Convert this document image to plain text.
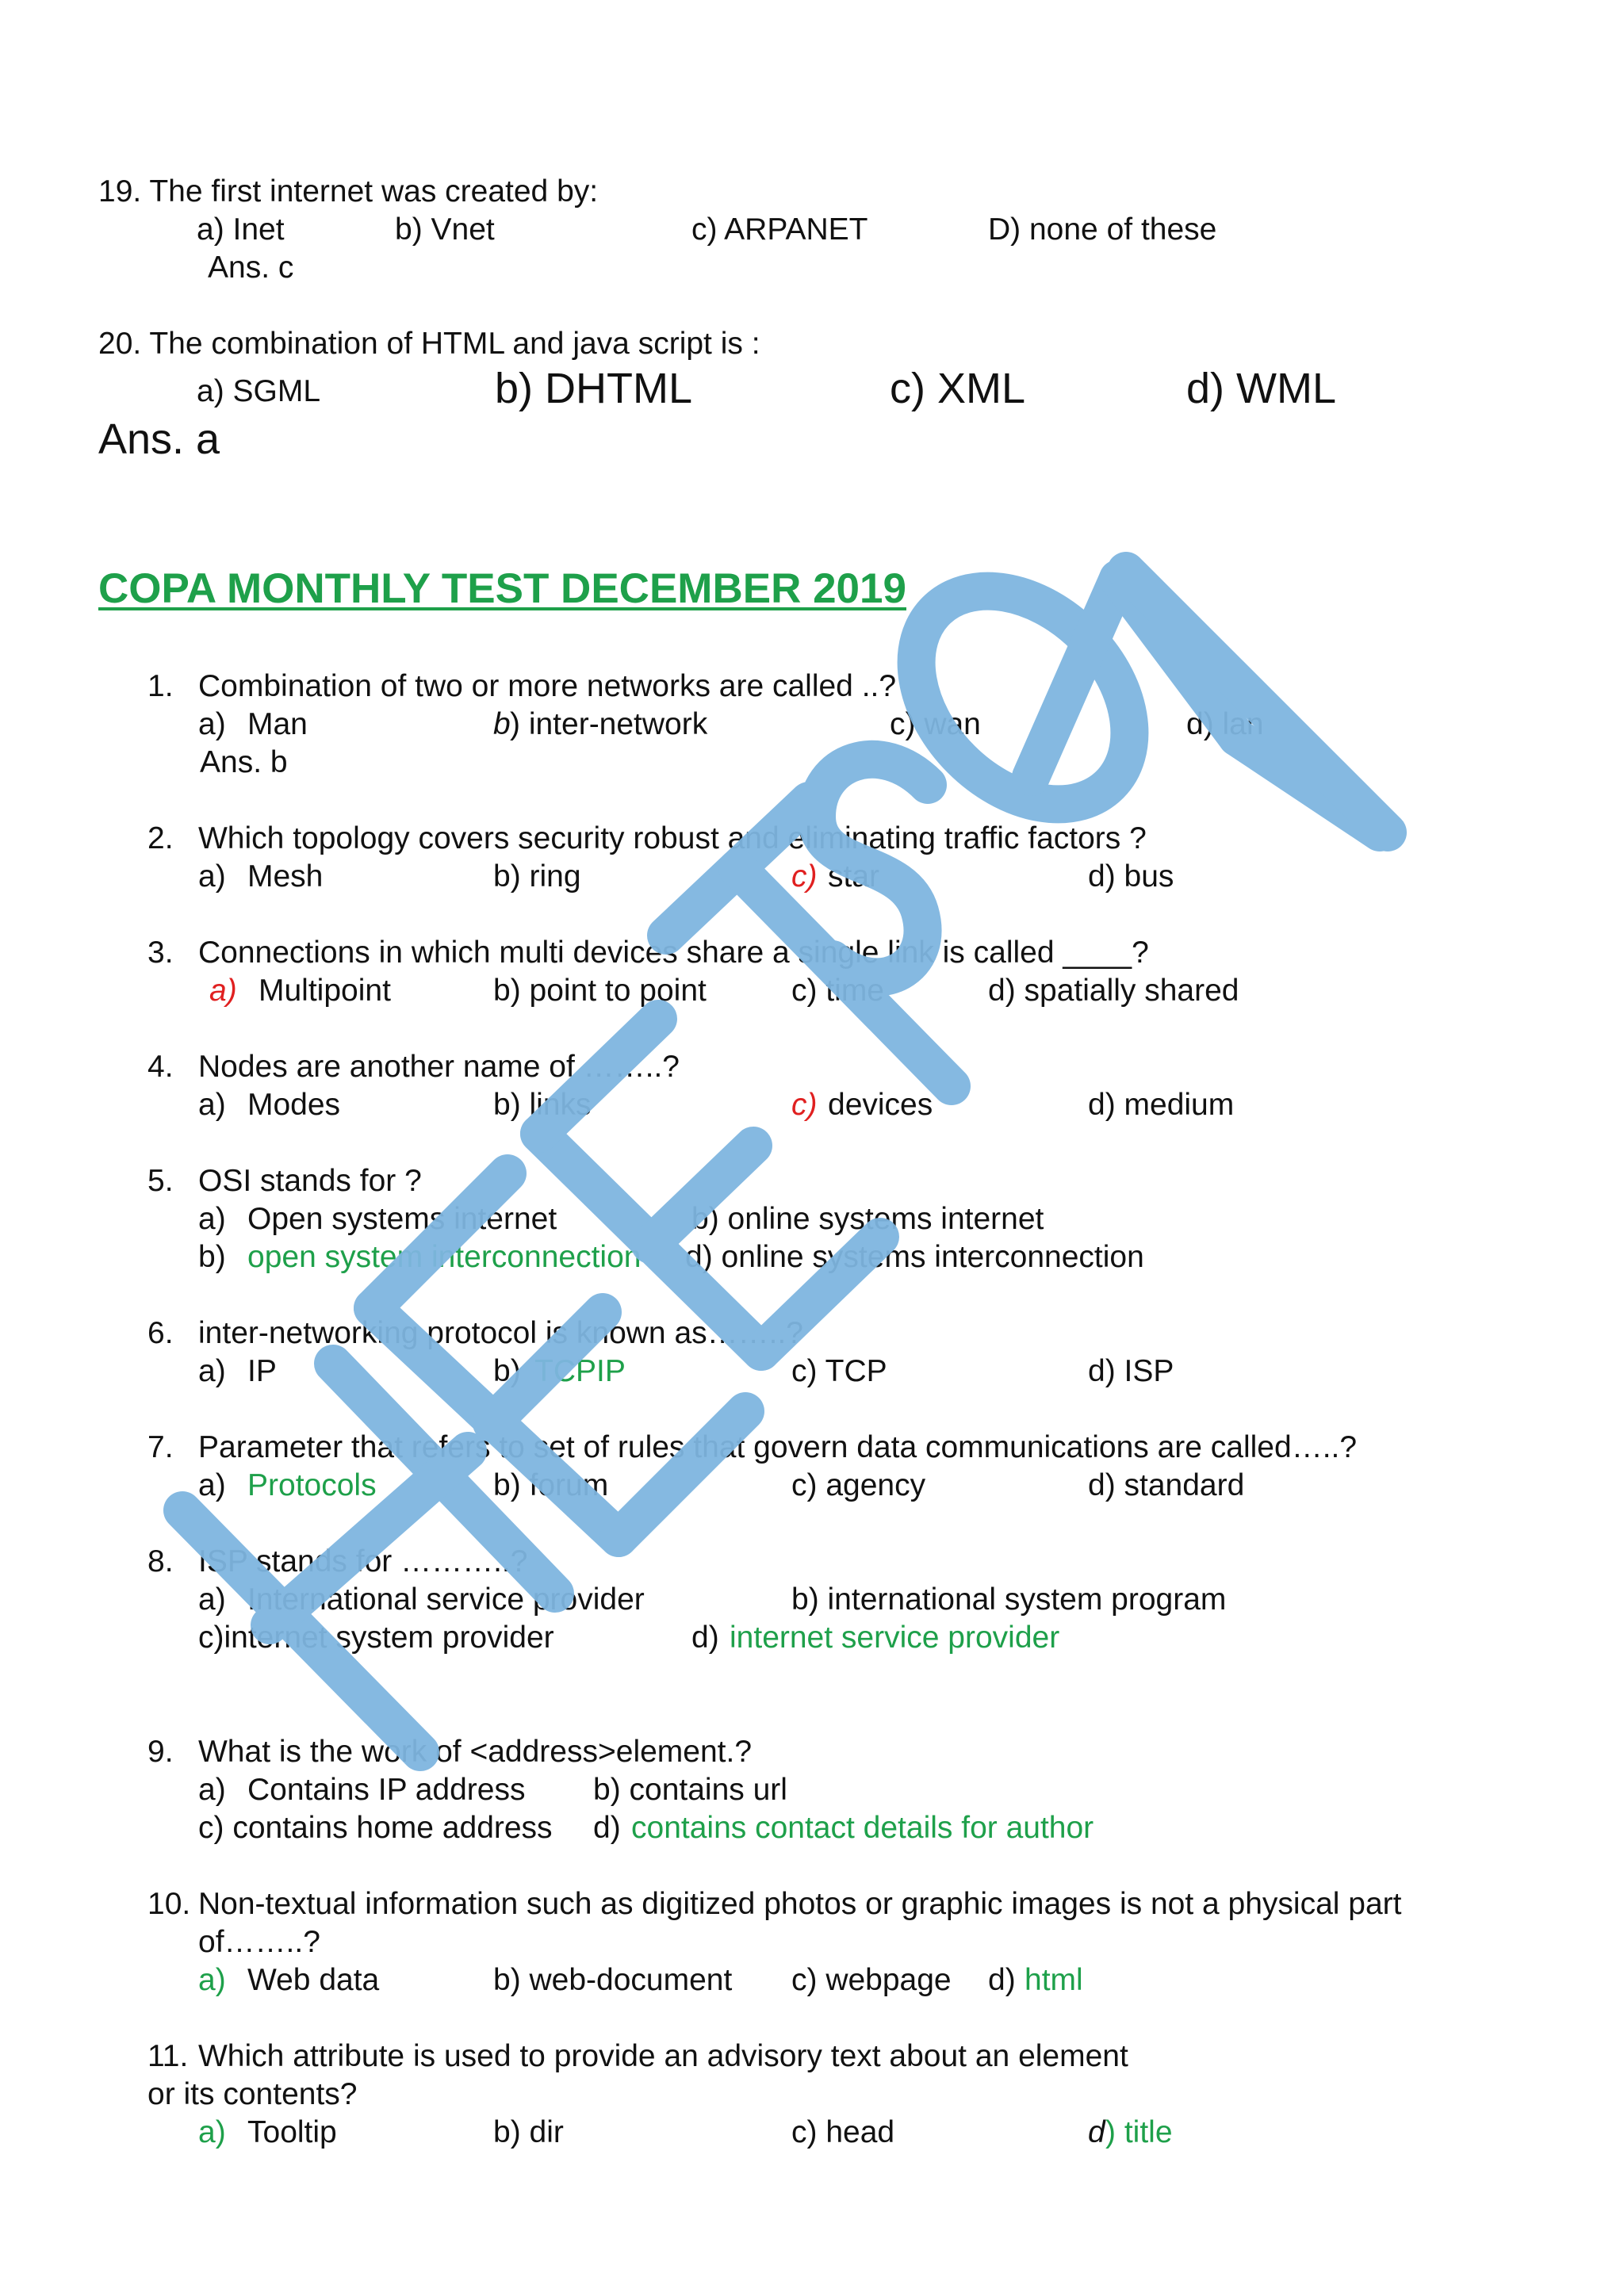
19. The first internet was created by:
a) Inet	b) Vnet	c) ARPANET	D) none of these
Ans. c
20. The combination of HTML and java script is :
a) SGML	b) DHTML	c) XML	d) WML
Ans. a
COPA MONTHLY TEST DECEMBER 2019
1. Combination of two or more networks are called ..?
a) Man	b ) inter-network	c) wan	d) lan
Ans. b
2. Which topology covers security robust and eliminating traffic factors ?
a) Mesh	b) ring	c) star	d) bus
3. Connections in which multi devices share a single link is called ____?
a) Multipoint	b) point to point	c) time	d) spatially shared
4. Nodes are another name of ……..?
a) Modes	b) links	c) devices	d) medium
5. OSI stands for ?
a) Open systems internet	b) online systems internet
b) open system interconnection d) online systems interconnection
6. inter-networking protocol is known as……..?
a) IP	b) TCPIP	c) TCP	d) ISP
7. Parameter that refers to set of rules that govern data communications are called…..?
a) Protocols	b) forum	c) agency	d) standard
8. ISP stands for ………..?
a) International service provider	b) international system program
c)internet system provider	d) internet service provider
9. What is the work of <address>element.?
a) Contains IP address b) contains url
c) contains home address d) contains contact details for author
10. Non-textual information such as digitized photos or graphic images is not a physical part
of……..?
a) Web data	b) web-document c) webpage d) html
11. Which attribute is used to provide an advisory text about an element
or its contents?
a) Tooltip	b) dir	c) head	d ) title
